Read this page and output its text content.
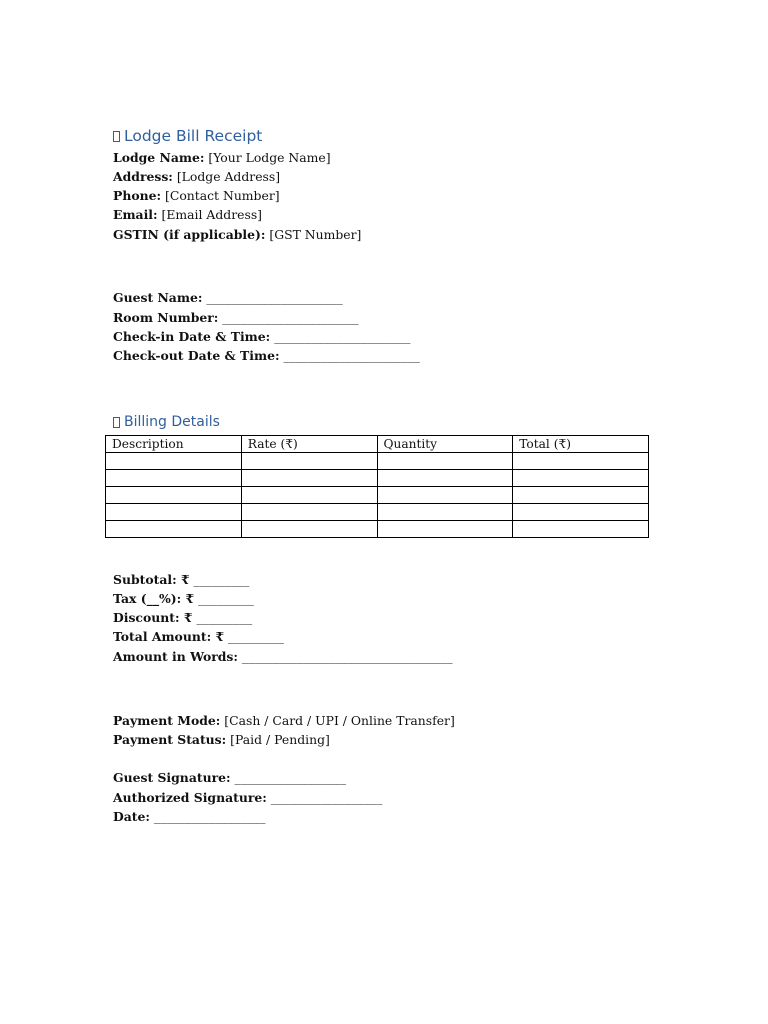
Lodge Bill Receipt
Lodge Name: [Your Lodge Name]
Address: [Lodge Address]
Phone: [Contact Number]
Email: [Email Address]
GSTIN (if applicable): [GST Number]
Guest Name: ______________________
Room Number: ______________________
Check-in Date & Time: ______________________
Check-out Date & Time: ______________________
Billing Details
Description	Rate (₹)	Quantity	Total (₹)

Subtotal: ₹ _________
Tax (__%): ₹ _________
Discount: ₹ _________
Total Amount: ₹ _________
Amount in Words: __________________________________
Payment Mode: [Cash / Card / UPI / Online Transfer]
Payment Status: [Paid / Pending]
Guest Signature: __________________
Authorized Signature: __________________
Date: __________________
